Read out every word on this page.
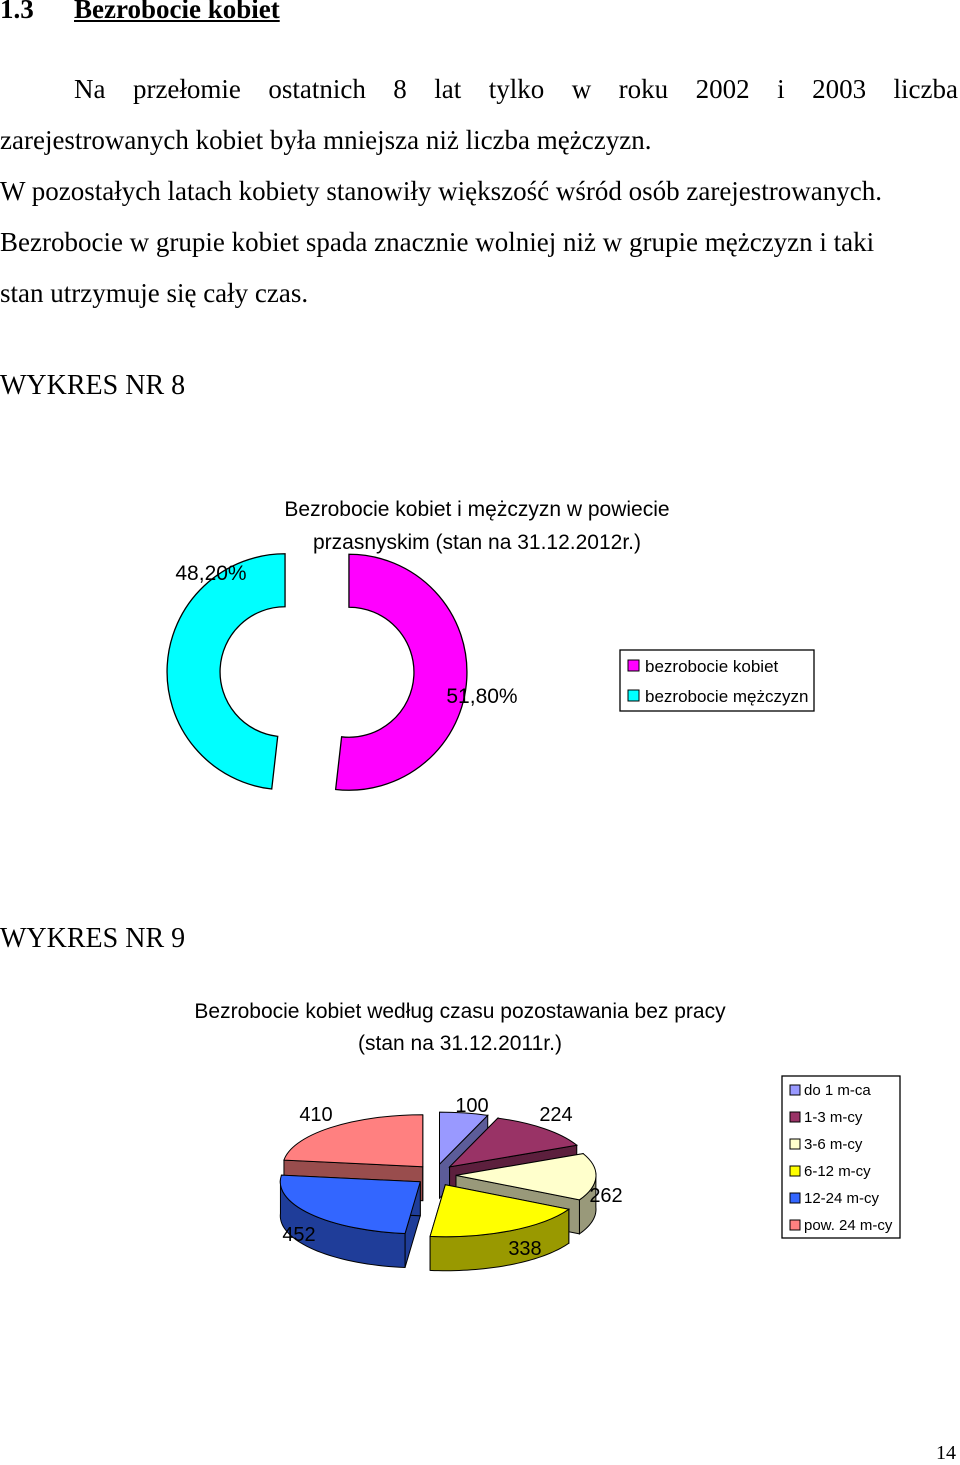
1.3 Bezrobocie kobiet
Na przełomie ostatnich 8 lat tylko w roku 2002 i 2003 liczba
zarejestrowanych kobiet była mniejsza niż liczba mężczyzn.
W pozostałych latach kobiety stanowiły większość wśród osób zarejestrowanych.
Bezrobocie w grupie kobiet spada znacznie wolniej niż w grupie mężczyzn i taki
stan utrzymuje się cały czas.
WYKRES NR 8
Bezrobocie kobiet i mężczyzn w powiecie
przasnyskim (stan na 31.12.2012r.)
51,80%
48,20%
bezrobocie kobiet
bezrobocie mężczyzn
WYKRES NR 9
Bezrobocie kobiet według czasu pozostawania bez pracy
(stan na 31.12.2011r.)
100	224
262
338
452
410
do 1 m-ca
1-3 m-cy
3-6 m-cy
6-12 m-cy
12-24 m-cy
pow. 24 m-cy
14
